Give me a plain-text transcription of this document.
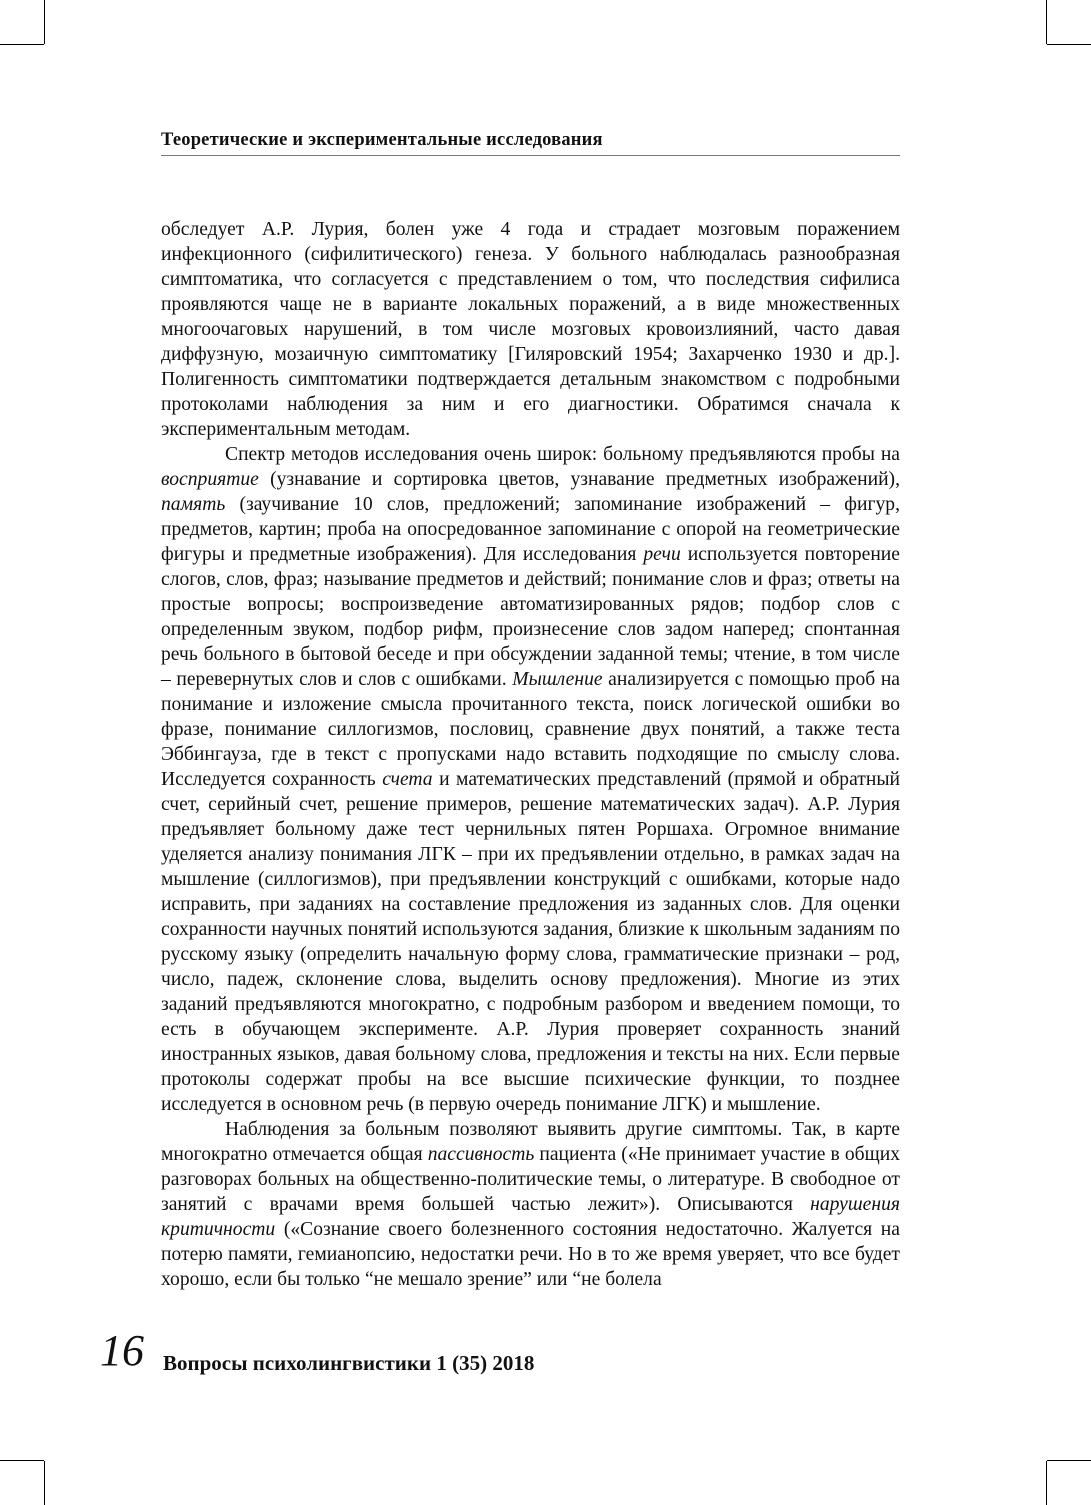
Теоретические и экспериментальные исследования

обследует А.Р. Лурия, болен уже 4 года и страдает мозговым поражением инфекционного (сифилитического) генеза. У больного наблюдалась разнообразная симптоматика, что согласуется с представлением о том, что последствия сифилиса проявляются чаще не в варианте локальных поражений, а в виде множественных многоочаговых нарушений, в том числе мозговых кровоизлияний, часто давая диффузную, мозаичную симптоматику [Гиляровский 1954; Захарченко 1930 и др.]. Полигенность симптоматики подтверждается детальным знакомством с подробными протоколами наблюдения за ним и его диагностики. Обратимся сначала к экспериментальным методам.

Спектр методов исследования очень широк: больному предъявляются пробы на восприятие (узнавание и сортировка цветов, узнавание предметных изображений), память (заучивание 10 слов, предложений; запоминание изображений – фигур, предметов, картин; проба на опосредованное запоминание с опорой на геометрические фигуры и предметные изображения). Для исследования речи используется повторение слогов, слов, фраз; называние предметов и действий; понимание слов и фраз; ответы на простые вопросы; воспроизведение автоматизированных рядов; подбор слов с определенным звуком, подбор рифм, произнесение слов задом наперед; спонтанная речь больного в бытовой беседе и при обсуждении заданной темы; чтение, в том числе – перевернутых слов и слов с ошибками. Мышление анализируется с помощью проб на понимание и изложение смысла прочитанного текста, поиск логической ошибки во фразе, понимание силлогизмов, пословиц, сравнение двух понятий, а также теста Эббингауза, где в текст с пропусками надо вставить подходящие по смыслу слова. Исследуется сохранность счета и математических представлений (прямой и обратный счет, серийный счет, решение примеров, решение математических задач). А.Р. Лурия предъявляет больному даже тест чернильных пятен Роршаха. Огромное внимание уделяется анализу понимания ЛГК – при их предъявлении отдельно, в рамках задач на мышление (силлогизмов), при предъявлении конструкций с ошибками, которые надо исправить, при заданиях на составление предложения из заданных слов. Для оценки сохранности научных понятий используются задания, близкие к школьным заданиям по русскому языку (определить начальную форму слова, грамматические признаки – род, число, падеж, склонение слова, выделить основу предложения). Многие из этих заданий предъявляются многократно, с подробным разбором и введением помощи, то есть в обучающем эксперименте. А.Р. Лурия проверяет сохранность знаний иностранных языков, давая больному слова, предложения и тексты на них. Если первые протоколы содержат пробы на все высшие психические функции, то позднее исследуется в основном речь (в первую очередь понимание ЛГК) и мышление.

Наблюдения за больным позволяют выявить другие симптомы. Так, в карте многократно отмечается общая пассивность пациента («Не принимает участие в общих разговорах больных на общественно-политические темы, о литературе. В свободное от занятий с врачами время большей частью лежит»). Описываются нарушения критичности («Сознание своего болезненного состояния недостаточно. Жалуется на потерю памяти, гемианопсию, недостатки речи. Но в то же время уверяет, что все будет хорошо, если бы только “не мешало зрение” или “не болела

16 Вопросы психолингвистики 1 (35) 2018
